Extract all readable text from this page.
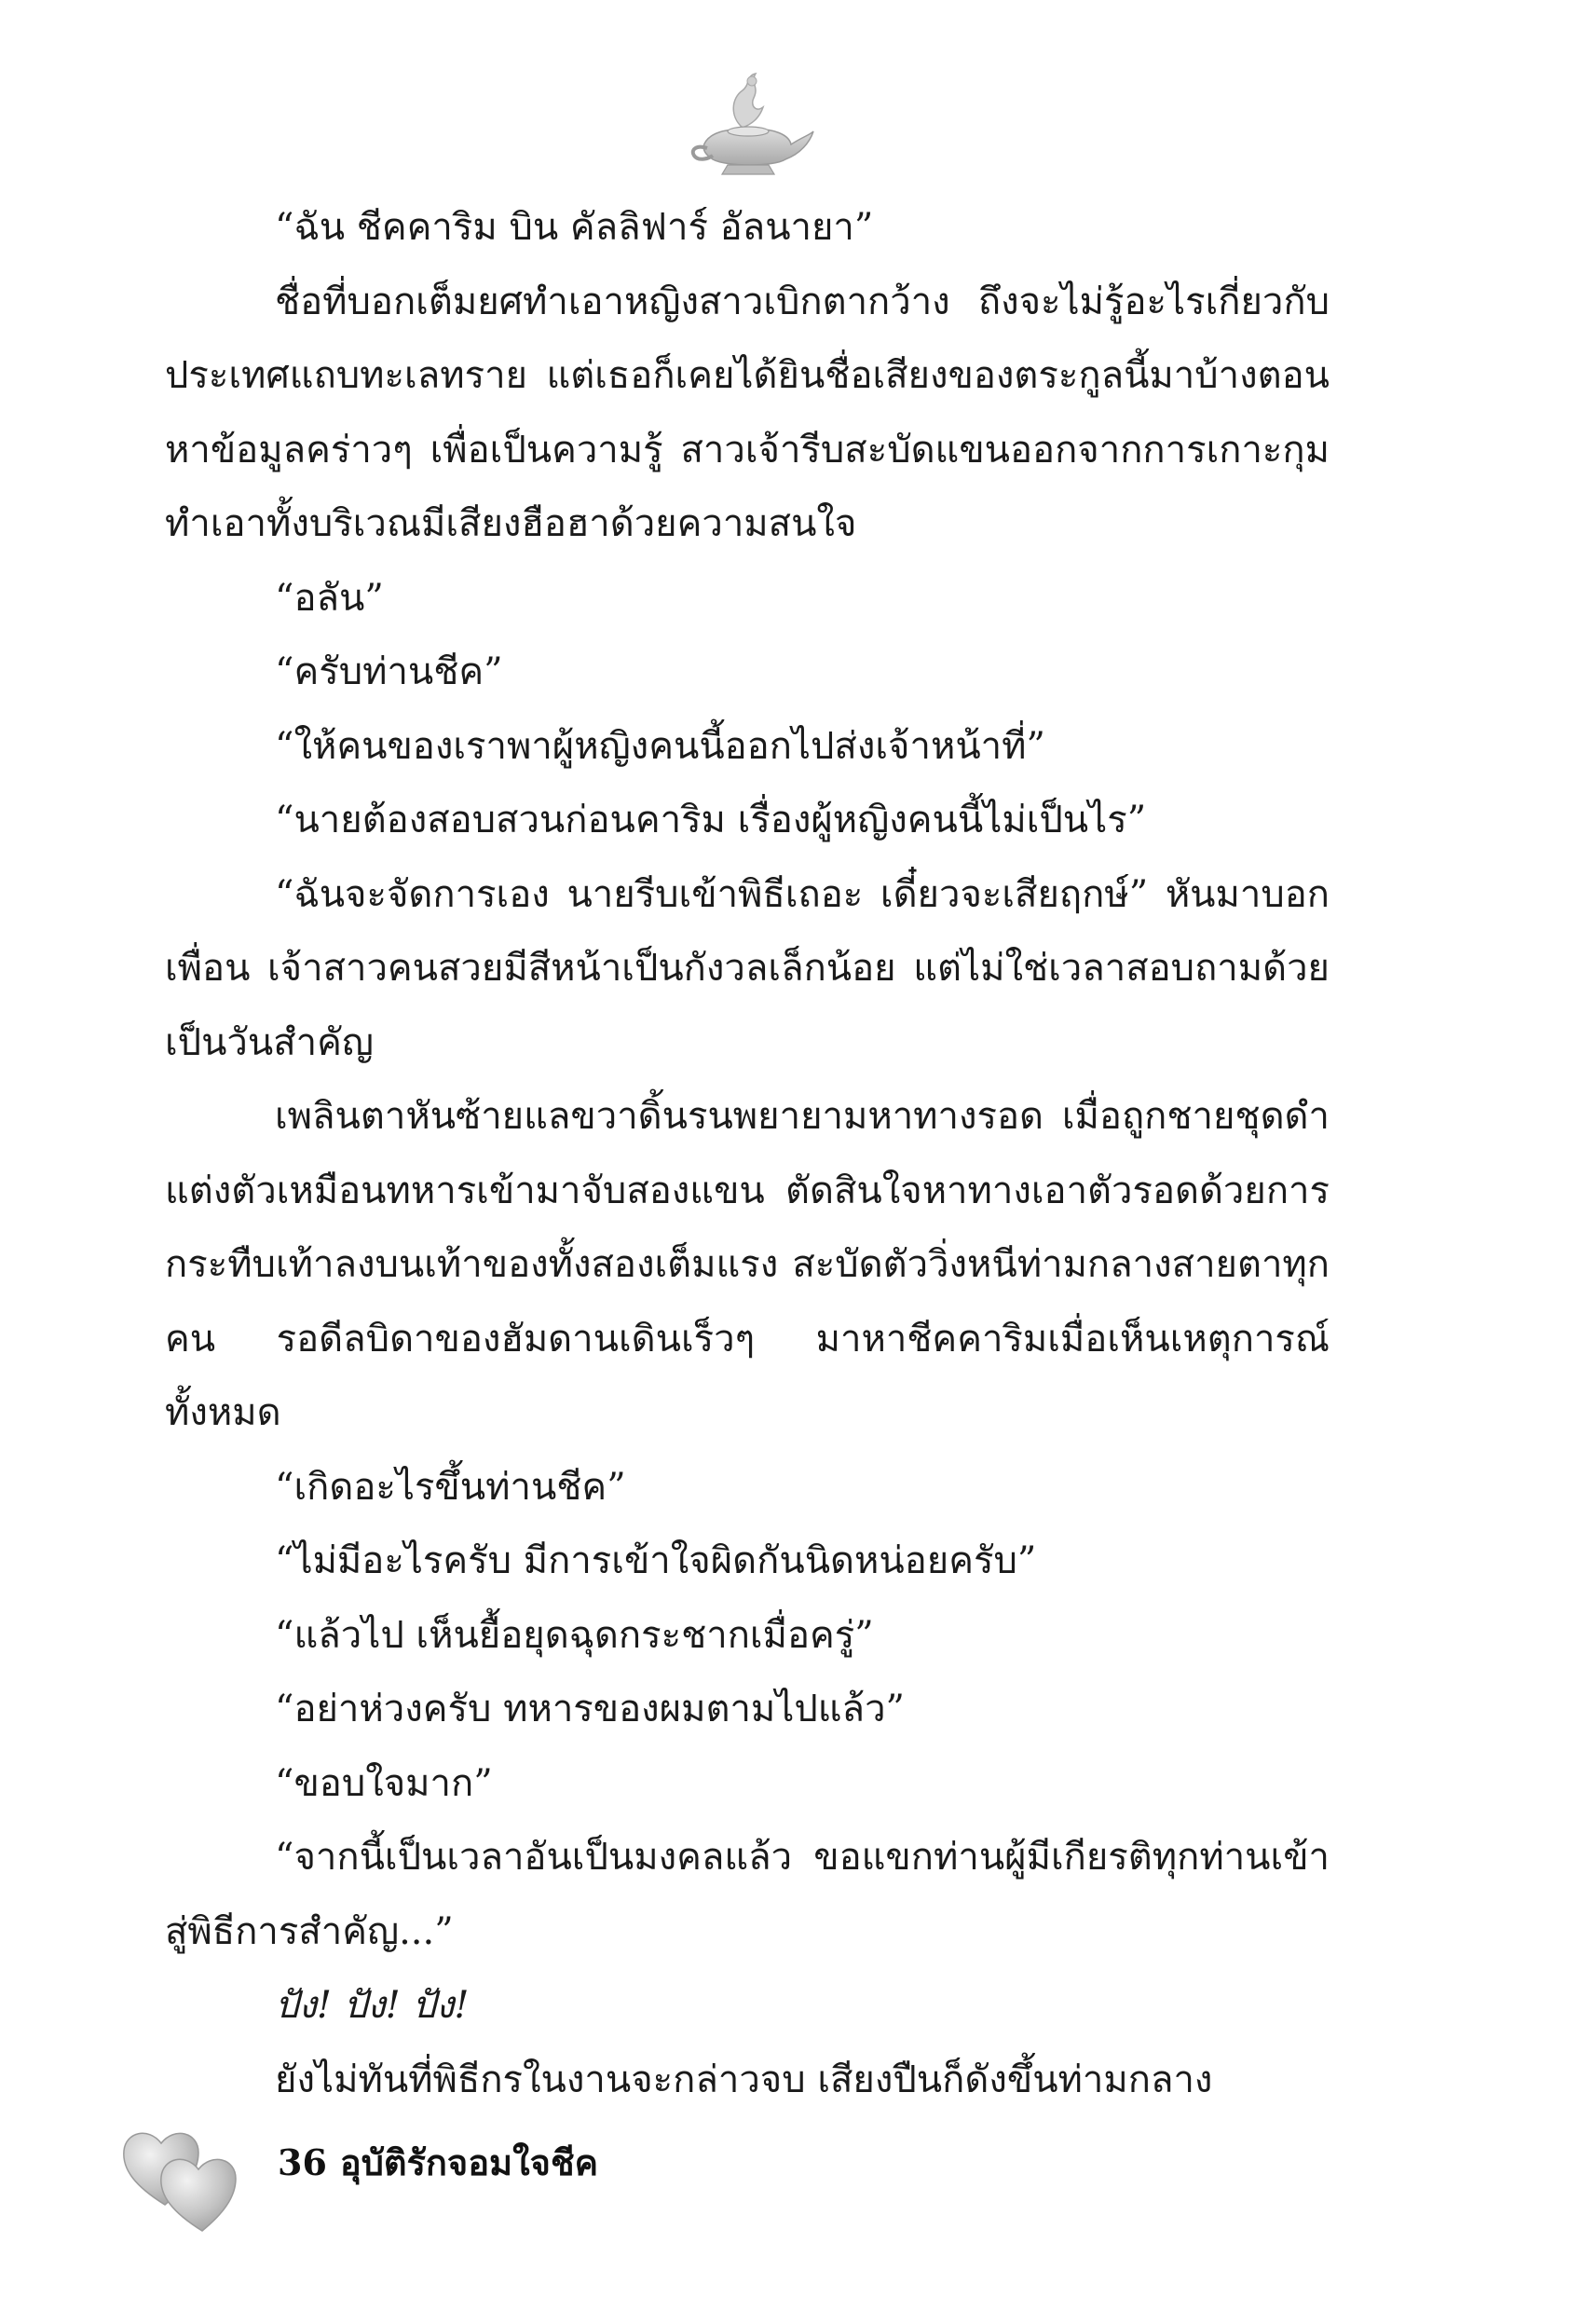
“ฉัน ชีคคาริม บิน คัลลิฟาร์ อัลนายา”

ชื่อที่บอกเต็มยศทำเอาหญิงสาวเบิกตากว้าง ถึงจะไม่รู้อะไรเกี่ยวกับประเทศแถบทะเลทราย แต่เธอก็เคยได้ยินชื่อเสียงของตระกูลนี้มาบ้างตอนหาข้อมูลคร่าวๆ เพื่อเป็นความรู้ สาวเจ้ารีบสะบัดแขนออกจากการเกาะกุม ทำเอาทั้งบริเวณมีเสียงฮือฮาด้วยความสนใจ

“อลัน”

“ครับท่านชีค”

“ให้คนของเราพาผู้หญิงคนนี้ออกไปส่งเจ้าหน้าที่”

“นายต้องสอบสวนก่อนคาริม เรื่องผู้หญิงคนนี้ไม่เป็นไร”

“ฉันจะจัดการเอง นายรีบเข้าพิธีเถอะ เดี๋ยวจะเสียฤกษ์” หันมาบอกเพื่อน เจ้าสาวคนสวยมีสีหน้าเป็นกังวลเล็กน้อย แต่ไม่ใช่เวลาสอบถามด้วยเป็นวันสำคัญ

เพลินตาหันซ้ายแลขวาดิ้นรนพยายามหาทางรอด เมื่อถูกชายชุดดำแต่งตัวเหมือนทหารเข้ามาจับสองแขน ตัดสินใจหาทางเอาตัวรอดด้วยการกระทืบเท้าลงบนเท้าของทั้งสองเต็มแรง สะบัดตัววิ่งหนีท่ามกลางสายตาทุกคน รอดีลบิดาของฮัมดานเดินเร็วๆ มาหาชีคคาริมเมื่อเห็นเหตุการณ์ทั้งหมด

“เกิดอะไรขึ้นท่านชีค”

“ไม่มีอะไรครับ มีการเข้าใจผิดกันนิดหน่อยครับ”

“แล้วไป เห็นยื้อยุดฉุดกระชากเมื่อครู่”

“อย่าห่วงครับ ทหารของผมตามไปแล้ว”

“ขอบใจมาก”

“จากนี้เป็นเวลาอันเป็นมงคลแล้ว ขอแขกท่านผู้มีเกียรติทุกท่านเข้าสู่พิธีการสำคัญ...”

ปัง! ปัง! ปัง!

ยังไม่ทันที่พิธีกรในงานจะกล่าวจบ เสียงปืนก็ดังขึ้นท่ามกลาง

36 อุบัติรักจอมใจชีค
